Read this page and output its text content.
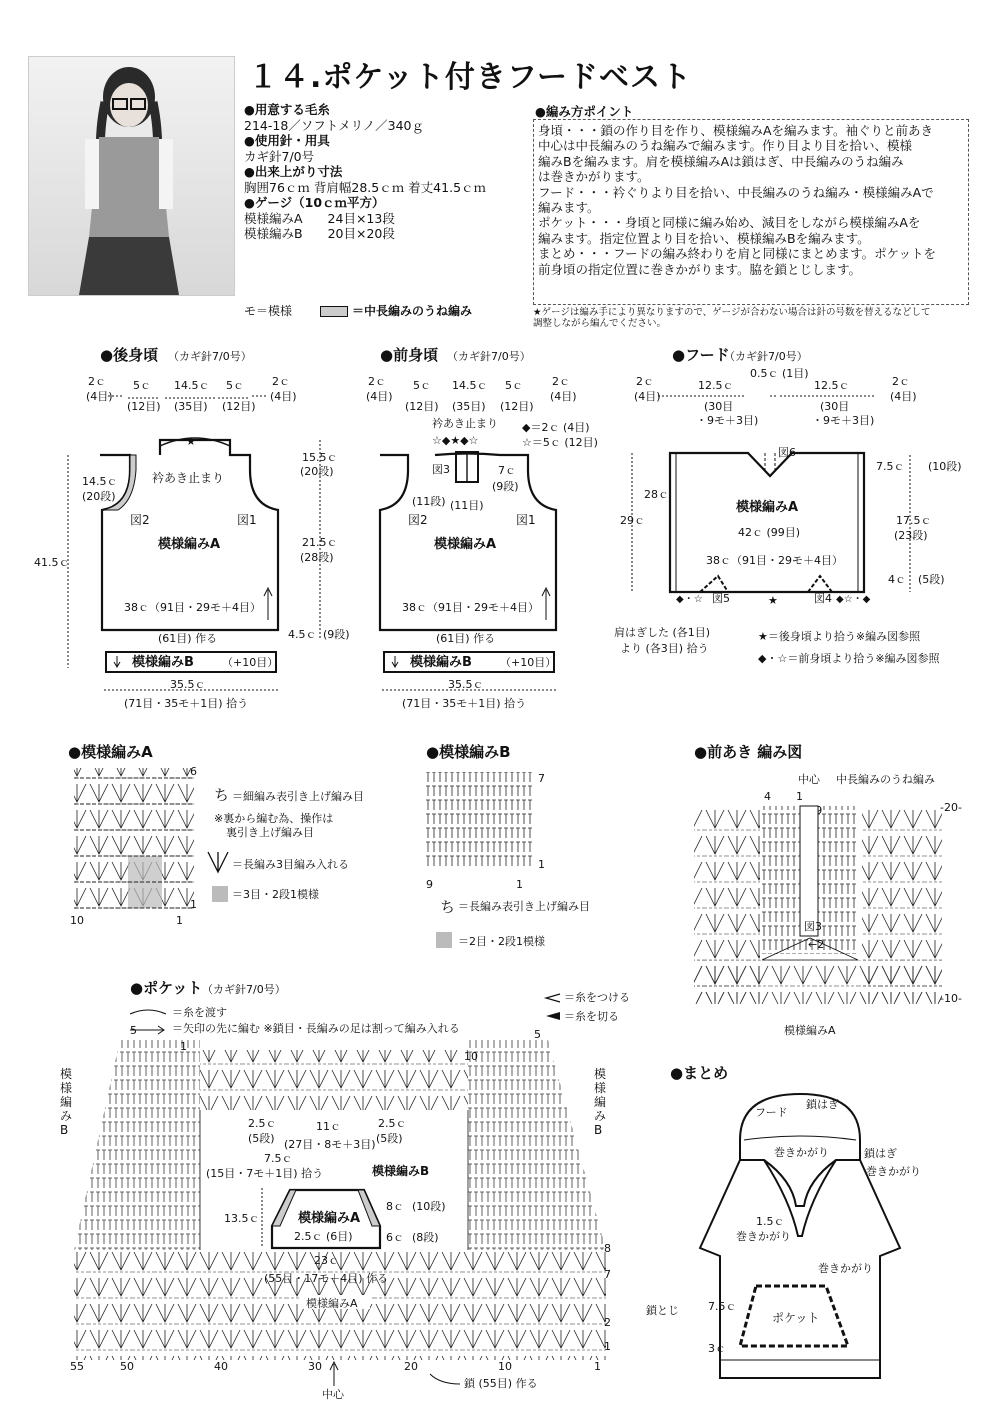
１４.ポケット付きフードベスト
●用意する毛糸
214-18／ソフトメリノ／340ｇ
●使用針・用具
カギ針7/0号
●出来上がり寸法
胸囲76ｃｍ 背肩幅28.5ｃｍ 着丈41.5ｃｍ
●ゲージ（10ｃｍ平方）
模様編みA　　24目×13段
模様編みB　　20目×20段
モ＝模様	＝中長編みのうね編み
●編み方ポイント
身頃・・・鎖の作り目を作り、模様編みAを編みます。袖ぐりと前あき
中心は中長編みのうね編みで編みます。作り目より目を拾い、模様
編みBを編みます。肩を模様編みAは鎖はぎ、中長編みのうね編み
は巻きかがります。
フード・・・衿ぐりより目を拾い、中長編みのうね編み・模様編みAで
編みます。
ポケット・・・身頃と同様に編み始め、減目をしながら模様編みAを
編みます。指定位置より目を拾い、模様編みBを編みます。
まとめ・・・フードの編み終わりを肩と同様にまとめます。ポケットを
前身頃の指定位置に巻きかがります。脇を鎖とじします。
★ゲージは編み手により異なりますので、ゲージが合わない場合は針の号数を替えるなどして
調整しながら編んでください。
●後身頃 （カギ針7/0号）
2ｃ 5ｃ 14.5ｃ 5ｃ	2ｃ
(4目)
(12目) (35目) (12目)
(4目)
★
衿あき止まり
14.5ｃ
(20段)
図2	図1
模様編みA
41.5ｃ
38ｃ（91目・29モ＋4目）
(61目) 作る
模様編みB	（+10目）
35.5ｃ
(71目・35モ＋1目) 拾う
15.5ｃ
(20段)
21.5ｃ
(28段)
4.5ｃ (9段)
●前身頃 （カギ針7/0号）
2ｃ 5ｃ 14.5ｃ 5ｃ	2ｃ
(4目)
(12目) (35目) (12目)
(4目)
衿あき止まり ◆＝2ｃ (4目)
☆＝5ｃ (12目)
☆◆★◆☆
図3	7ｃ
(9段)
(11段) (11目)
図2	図1
模様編みA
38ｃ（91目・29モ＋4目）
(61目) 作る
模様編みB	（+10目）
35.5ｃ
(71目・35モ＋1目) 拾う
●フード
（カギ針7/0号）
2ｃ	12.5ｃ
0.5ｃ (1目)
12.5ｃ	2ｃ
(4目)
(30目	(30目
(4目)
・9モ＋3目)	・9モ＋3目)
図6
7.5ｃ (10段)
17.5ｃ
(23段)
4ｃ (5段)
28ｃ
29ｃ
模様編みA
42ｃ (99目)
38ｃ（91目・29モ＋4目）
◆・☆ 図5	★	図4 ◆☆・◆
肩はぎした (各1目)
より (各3目) 拾う
★＝後身頃より拾う※編み図参照
◆・☆＝前身頃より拾う※編み図参照
●模様編みA
6
1
10	1
ち ＝細編み表引き上げ編み目
※裏から編む為、操作は
裏引き上げ編み目
＝長編み3目編み入れる
＝3目・2段1模様
●模様編みB
7
1
9	1
ち ＝長編み表引き上げ編み目
＝2目・2段1模様
●前あき 編み図
中心 中長編みのうね編み
4 1
-20-
-10-
図3
←2
模様編みA
●ポケット （カギ針7/0号）
＝糸を渡す
＝矢印の先に編む ※鎖目・長編みの足は割って編み入れる
＝糸をつける
＝糸を切る
5
1
10
5
8
7
2
1
模
様
編
み
B
模
様
編
み
B
2.5ｃ
(5段)
11ｃ
(27目・8モ＋3目)
2.5ｃ
(5段)
7.5ｃ
(15目・7モ＋1目) 拾う	模様編みB
13.5ｃ	模様編みA
2.5ｃ (6目)
8ｃ (10段)
6ｃ (8段)
23ｃ
(55目・17モ＋4目) 作る
模様編みA
55	50	40	30	20	10	1
中心
鎖 (55目) 作る
●まとめ
フード
鎖はぎ
巻きかがり	鎖はぎ
巻きかがり
1.5ｃ
巻きかがり
巻きかがり
ポケット
鎖とじ	7.5ｃ
3ｃ
